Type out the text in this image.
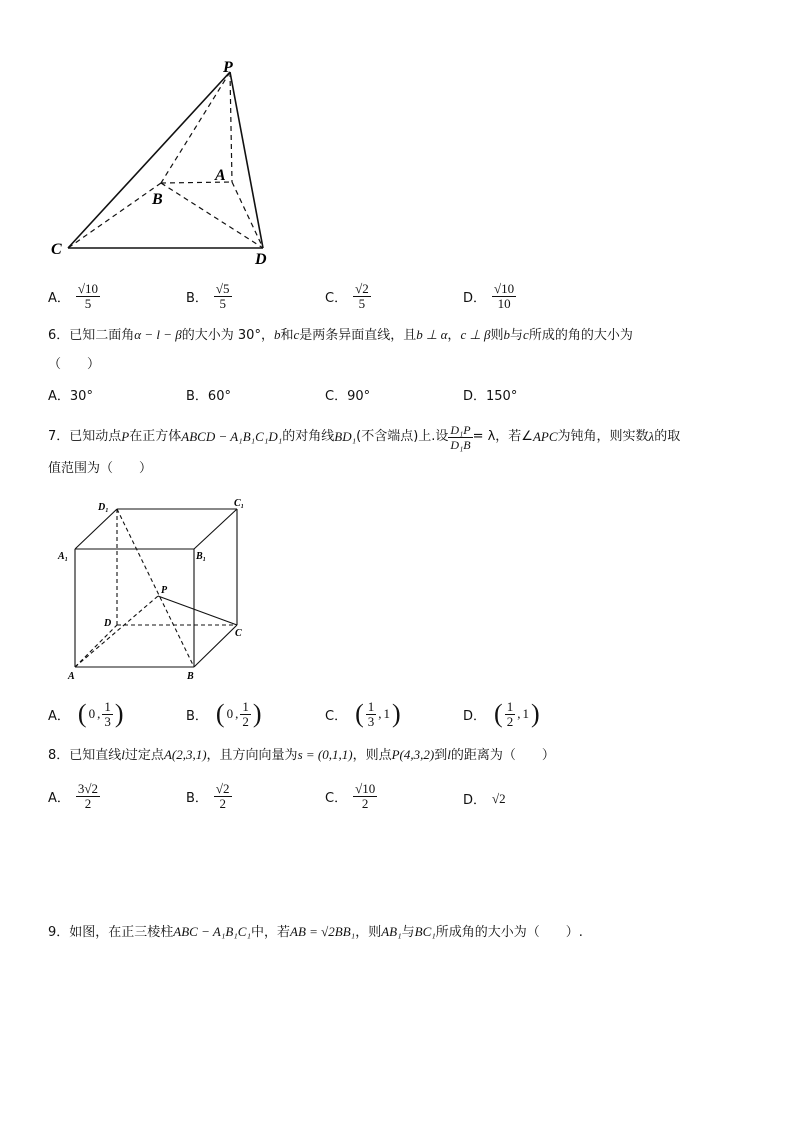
P
A
B
C
D
A． $\frac{√10}{5}$	B． $\frac{√5}{5}$	C． $\frac{√2}{5}$	D． $\frac{√10}{10}$
6．已知二面角α − l − β的大小为 30°，b和c是两条异面直线，且b ⊥ α，c ⊥ β则b与c所成的角的大小为
（　　）
A．30°	B．60°	C．90°	D．150°
7． 已知动点 P 在正方体 ABCD − A₁B₁C₁D₁ 的对角线 BD₁ (不含端点)上.设 $\frac{\text{D₁P}}{\text{D₁B}} = \lambda$，若∠ APC 为钝角，则实数 λ 的取
值范围为（　　）
D₁	C₁
A₁	B₁
P
D
C
A	B
A． ( 0 , $\frac{1}{3}$ )	B． ( 0 , $\frac{1}{2}$ )	C． ( $\frac{1}{3}$ , 1 )	D． ( $\frac{1}{2}$ , 1 )
8．已知直线l过定点A(2,3,1)，且方向向量为s = (0,1,1)，则点P(4,3,2)到l的距离为（　　）
A． $\frac{3√2}{2}$	B． $\frac{√2}{2}$	C． $\frac{√10}{2}$	D． √2
9．如图，在正三棱柱ABC − A₁B₁C₁中，若AB = √2BB₁，则AB₁与BC₁所成角的大小为（　　）.
